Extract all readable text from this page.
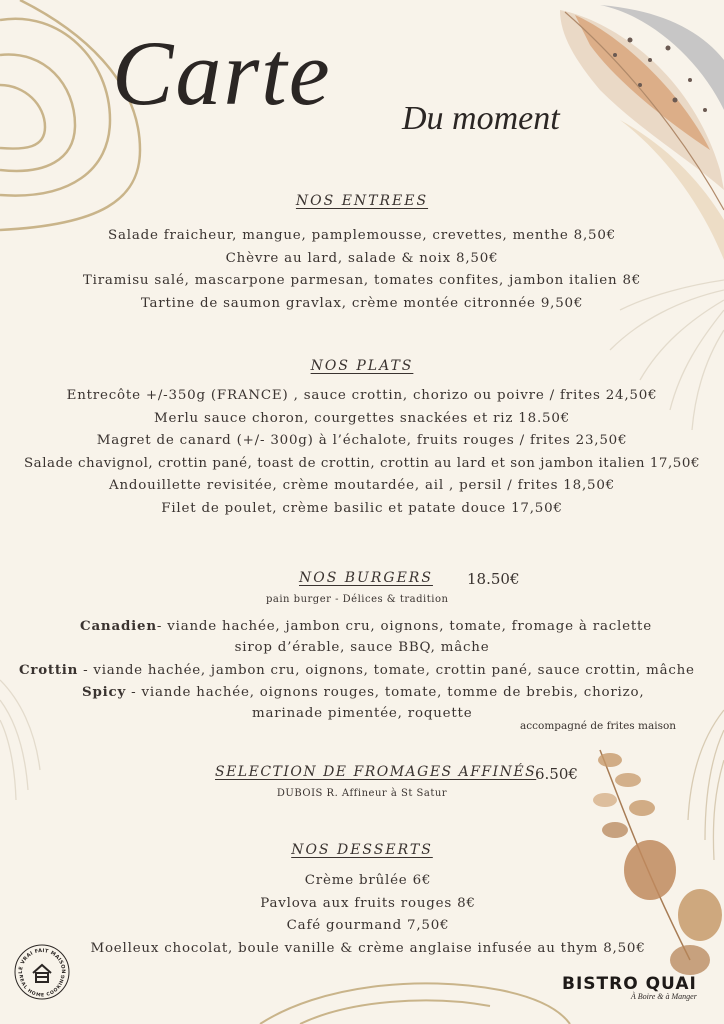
Carte Du moment
NOS ENTREES
Salade fraicheur, mangue, pamplemousse, crevettes, menthe 8,50€
Chèvre au lard, salade & noix 8,50€
Tiramisu salé, mascarpone parmesan, tomates confites, jambon italien 8€
Tartine de saumon gravlax, crème montée citronnée 9,50€
NOS PLATS
Entrecôte +/-350g (FRANCE) , sauce crottin, chorizo ou poivre / frites 24,50€
Merlu sauce choron, courgettes snackées et riz 18.50€
Magret de canard (+/- 300g) à l’échalote, fruits rouges / frites 23,50€
Salade chavignol, crottin pané, toast de crottin, crottin au lard et son jambon italien 17,50€
Andouillette revisitée, crème moutardée, ail , persil / frites 18,50€
Filet de poulet, crème basilic et patate douce 17,50€
NOS BURGERS 18.50€
pain burger - Délices & tradition
Canadien- viande hachée, jambon cru, oignons, tomate, fromage à raclette
sirop d’érable, sauce BBQ, mâche
Crottin - viande hachée, jambon cru, oignons, tomate, crottin pané, sauce crottin, mâche
Spicy - viande hachée, oignons rouges, tomate, tomme de brebis, chorizo,
marinade pimentée, roquette
accompagné de frites maison
SELECTION DE FROMAGES AFFINÉS
6.50€
DUBOIS R. Affineur à St Satur
NOS DESSERTS
Crème brûlée 6€
Pavlova aux fruits rouges 8€
Café gourmand 7,50€
Moelleux chocolat, boule vanille & crème anglaise infusée au thym 8,50€
LE VRAI FAIT MAISON
REAL HOME COOKING	BISTRO QUAI
À Boire & à Manger
